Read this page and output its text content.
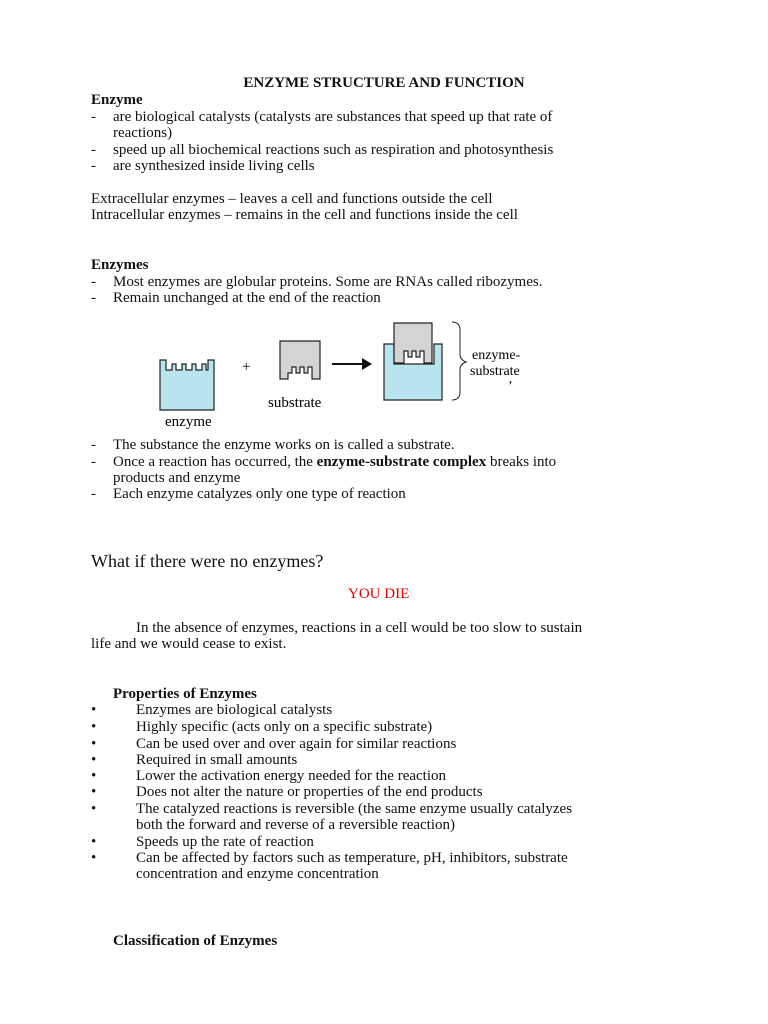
ENZYME STRUCTURE AND FUNCTION
Enzyme
- are biological catalysts (catalysts are substances that speed up that rate of
reactions)
- speed up all biochemical reactions such as respiration and photosynthesis
- are synthesized inside living cells
Extracellular enzymes – leaves a cell and functions outside the cell
Intracellular enzymes – remains in the cell and functions inside the cell
Enzymes
- Most enzymes are globular proteins. Some are RNAs called ribozymes.
- Remain unchanged at the end of the reaction
enzyme
+
substrate
enzyme-
substrate
ʼ
- The substance the enzyme works on is called a substrate.
- Once a reaction has occurred, the enzyme-substrate complex breaks into
products and enzyme
- Each enzyme catalyzes only one type of reaction
What if there were no enzymes?
YOU DIE
In the absence of enzymes, reactions in a cell would be too slow to sustain
life and we would cease to exist.
Properties of Enzymes
•	Enzymes are biological catalysts
•	Highly specific (acts only on a specific substrate)
•	Can be used over and over again for similar reactions
•	Required in small amounts
•	Lower the activation energy needed for the reaction
•	Does not alter the nature or properties of the end products
•	The catalyzed reactions is reversible (the same enzyme usually catalyzes
both the forward and reverse of a reversible reaction)
•	Speeds up the rate of reaction
•	Can be affected by factors such as temperature, pH, inhibitors, substrate
concentration and enzyme concentration
Classification of Enzymes
